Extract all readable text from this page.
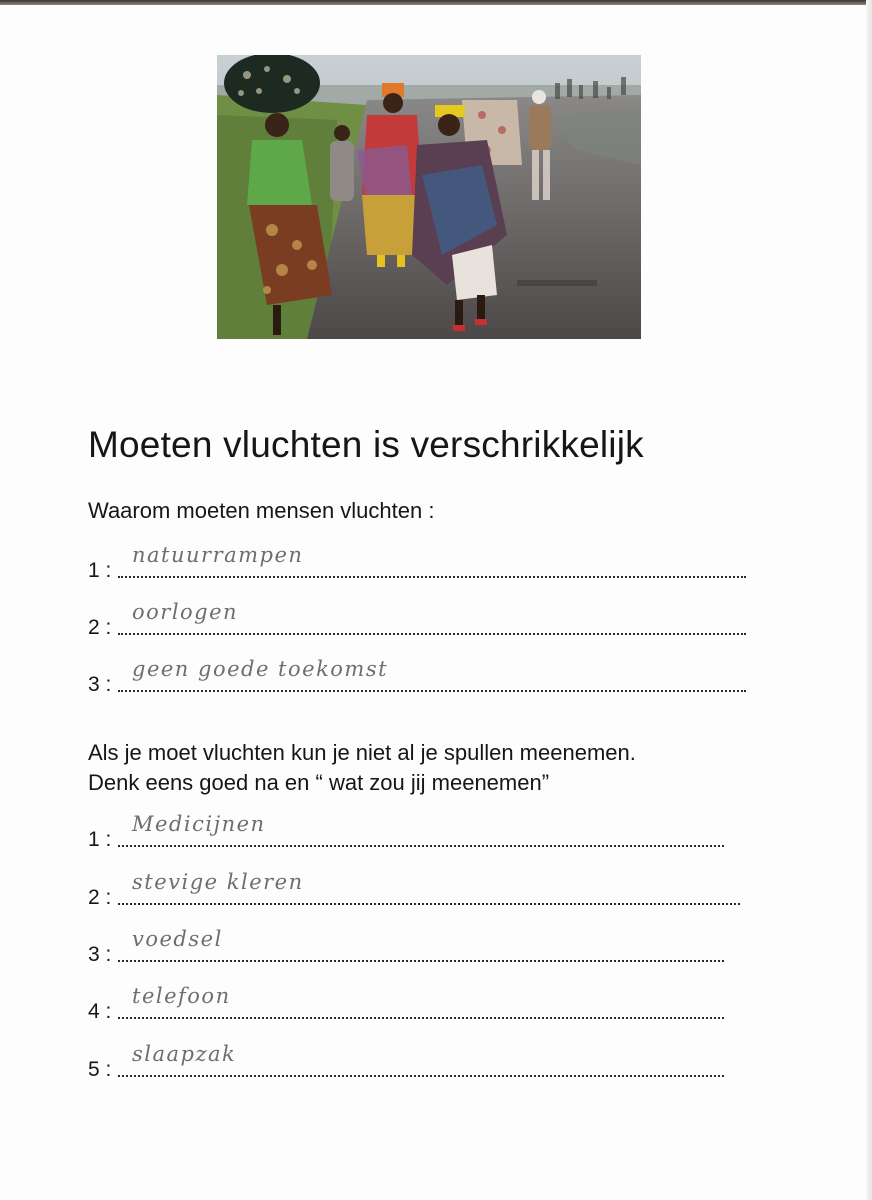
Moeten vluchten is verschrikkelijk

Waarom moeten mensen vluchten :

1 :
natuurrampen
2 :
oorlogen
3 :
geen goede toekomst

Als je moet vluchten kun je niet al je spullen meenemen.
Denk eens goed na en “ wat zou jij meenemen”

1 :
Medicijnen
2 :
stevige kleren
3 :
voedsel
4 :
telefoon
5 :
slaapzak
